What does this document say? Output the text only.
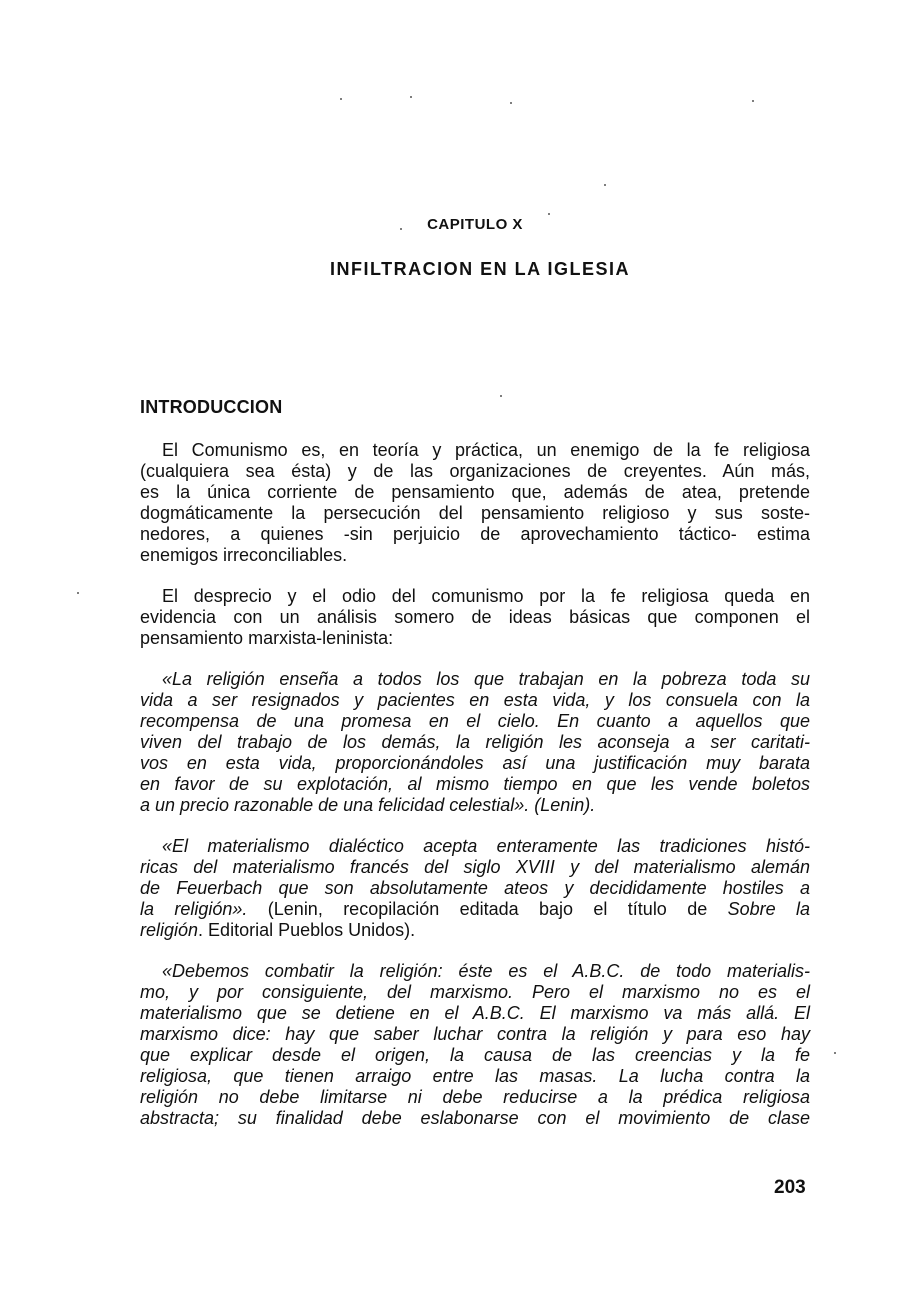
CAPITULO X
INFILTRACION EN LA IGLESIA
INTRODUCCION

El Comunismo es, en teoría y práctica, un enemigo de la fe religiosa
(cualquiera sea ésta) y de las organizaciones de creyentes. Aún más,
es la única corriente de pensamiento que, además de atea, pretende
dogmáticamente la persecución del pensamiento religioso y sus soste-
nedores, a quienes -sin perjuicio de aprovechamiento táctico- estima
enemigos irreconciliables.

El desprecio y el odio del comunismo por la fe religiosa queda en
evidencia con un análisis somero de ideas básicas que componen el
pensamiento marxista-leninista:

«La religión enseña a todos los que trabajan en la pobreza toda su
vida a ser resignados y pacientes en esta vida, y los consuela con la
recompensa de una promesa en el cielo. En cuanto a aquellos que
viven del trabajo de los demás, la religión les aconseja a ser caritati-
vos en esta vida, proporcionándoles así una justificación muy barata
en favor de su explotación, al mismo tiempo en que les vende boletos
a un precio razonable de una felicidad celestial». (Lenin).

«El materialismo dialéctico acepta enteramente las tradiciones histó-
ricas del materialismo francés del siglo XVIII y del materialismo alemán
de Feuerbach que son absolutamente ateos y decididamente hostiles a
la religión». (Lenin, recopilación editada bajo el título de Sobre la
religión. Editorial Pueblos Unidos).

«Debemos combatir la religión: éste es el A.B.C. de todo materialis-
mo, y por consiguiente, del marxismo. Pero el marxismo no es el
materialismo que se detiene en el A.B.C. El marxismo va más allá. El
marxismo dice: hay que saber luchar contra la religión y para eso hay
que explicar desde el origen, la causa de las creencias y la fe
religiosa, que tienen arraigo entre las masas. La lucha contra la
religión no debe limitarse ni debe reducirse a la prédica religiosa
abstracta; su finalidad debe eslabonarse con el movimiento de clase

203
